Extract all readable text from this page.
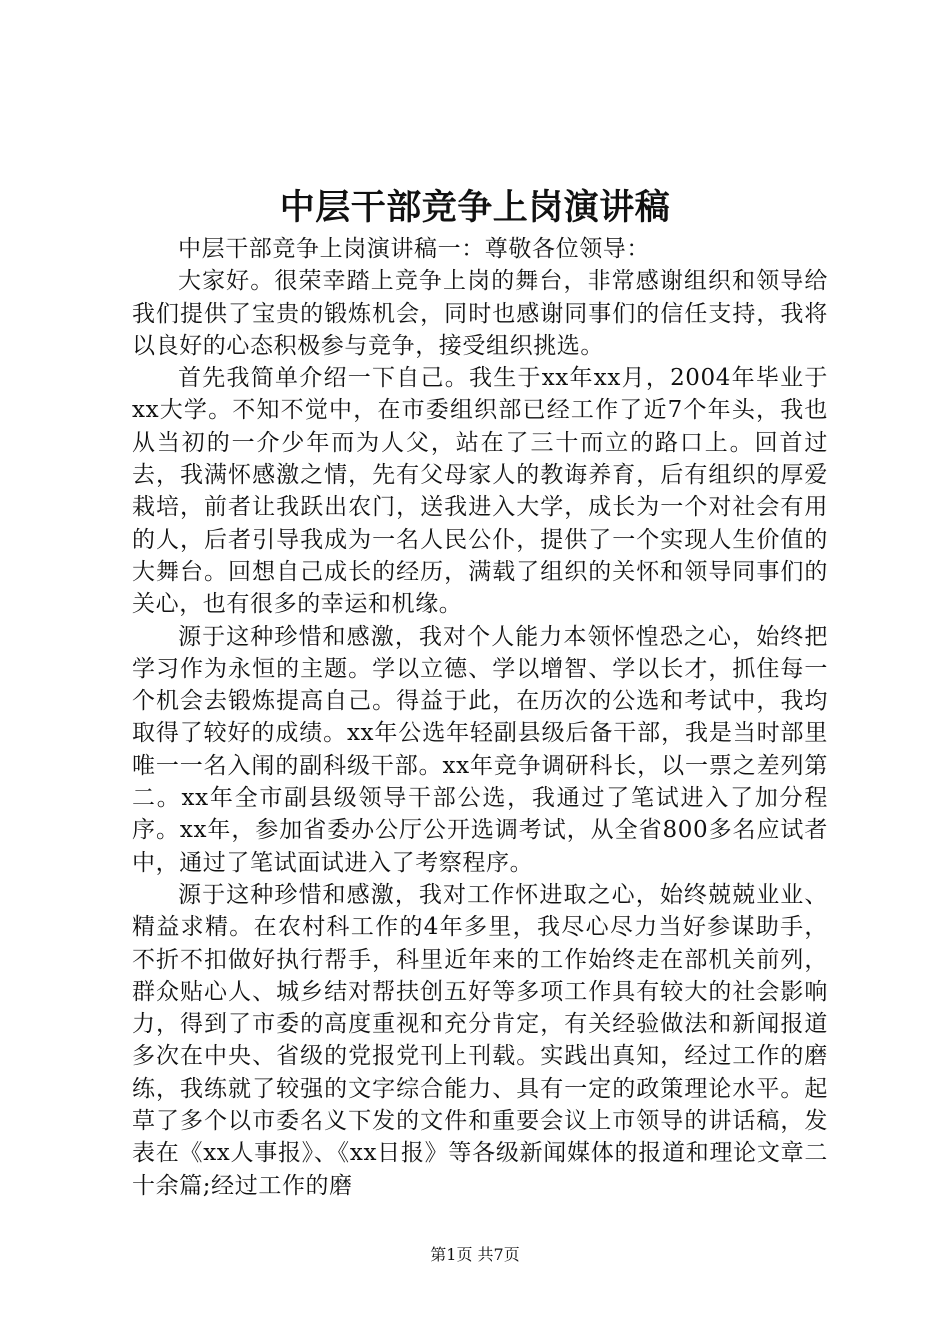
中层干部竞争上岗演讲稿

中层干部竞争上岗演讲稿一：尊敬各位领导：

大家好。很荣幸踏上竞争上岗的舞台，非常感谢组织和领导给我们提供了宝贵的锻炼机会，同时也感谢同事们的信任支持，我将以良好的心态积极参与竞争，接受组织挑选。

首先我简单介绍一下自己。我生于xx年xx月，2004年毕业于xx大学。不知不觉中，在市委组织部已经工作了近7个年头，我也从当初的一介少年而为人父，站在了三十而立的路口上。回首过去，我满怀感激之情，先有父母家人的教诲养育，后有组织的厚爱栽培，前者让我跃出农门，送我进入大学，成长为一个对社会有用的人，后者引导我成为一名人民公仆，提供了一个实现人生价值的大舞台。回想自己成长的经历，满载了组织的关怀和领导同事们的关心，也有很多的幸运和机缘。

源于这种珍惜和感激，我对个人能力本领怀惶恐之心，始终把学习作为永恒的主题。学以立德、学以增智、学以长才，抓住每一个机会去锻炼提高自己。得益于此，在历次的公选和考试中，我均取得了较好的成绩。xx年公选年轻副县级后备干部，我是当时部里唯一一名入闱的副科级干部。xx年竞争调研科长，以一票之差列第二。xx年全市副县级领导干部公选，我通过了笔试进入了加分程序。xx年，参加省委办公厅公开选调考试，从全省800多名应试者中，通过了笔试面试进入了考察程序。

源于这种珍惜和感激，我对工作怀进取之心，始终兢兢业业、精益求精。在农村科工作的4年多里，我尽心尽力当好参谋助手，不折不扣做好执行帮手，科里近年来的工作始终走在部机关前列，群众贴心人、城乡结对帮扶创五好等多项工作具有较大的社会影响力，得到了市委的高度重视和充分肯定，有关经验做法和新闻报道多次在中央、省级的党报党刊上刊载。实践出真知，经过工作的磨练，我练就了较强的文字综合能力、具有一定的政策理论水平。起草了多个以市委名义下发的文件和重要会议上市领导的讲话稿，发表在《xx人事报》、《xx日报》等各级新闻媒体的报道和理论文章二十余篇;经过工作的磨

第1页 共7页
